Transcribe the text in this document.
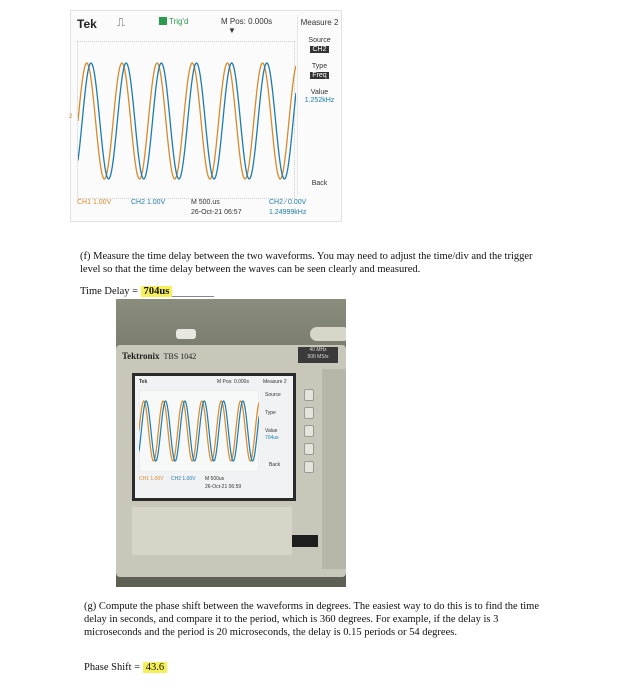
Tek ⎍	Trig'd	M Pos: 0.000s
▼
2
Measure 2
Source
CH2
Type
Freq
Value
1.252kHz
Back
CH1 1.00V	CH2 1.00V	M 500.us
26-Oct-21 06:57
CH2 ⁄ 0.00V
1.24999kHz

(f) Measure the time delay between the two waveforms. You may need to adjust the time/div and the trigger level so that the time delay between the waves can be seen clearly and measured.

Time Delay = 704us
Tektronix TBS 1042
40 MHz
500 MS/s
Tek	M Pos: 0.000s	Measure 2
Source
Type
Value
704us
Back
CH1 1.00V CH2 1.00V M 500us
26-Oct-21 06:59

(g) Compute the phase shift between the waveforms in degrees. The easiest way to do this is to find the time delay in seconds, and compare it to the period, which is 360 degrees. For example, if the delay is 3 microseconds and the period is 20 microseconds, the delay is 0.15 periods or 54 degrees.

Phase Shift = 43.6
